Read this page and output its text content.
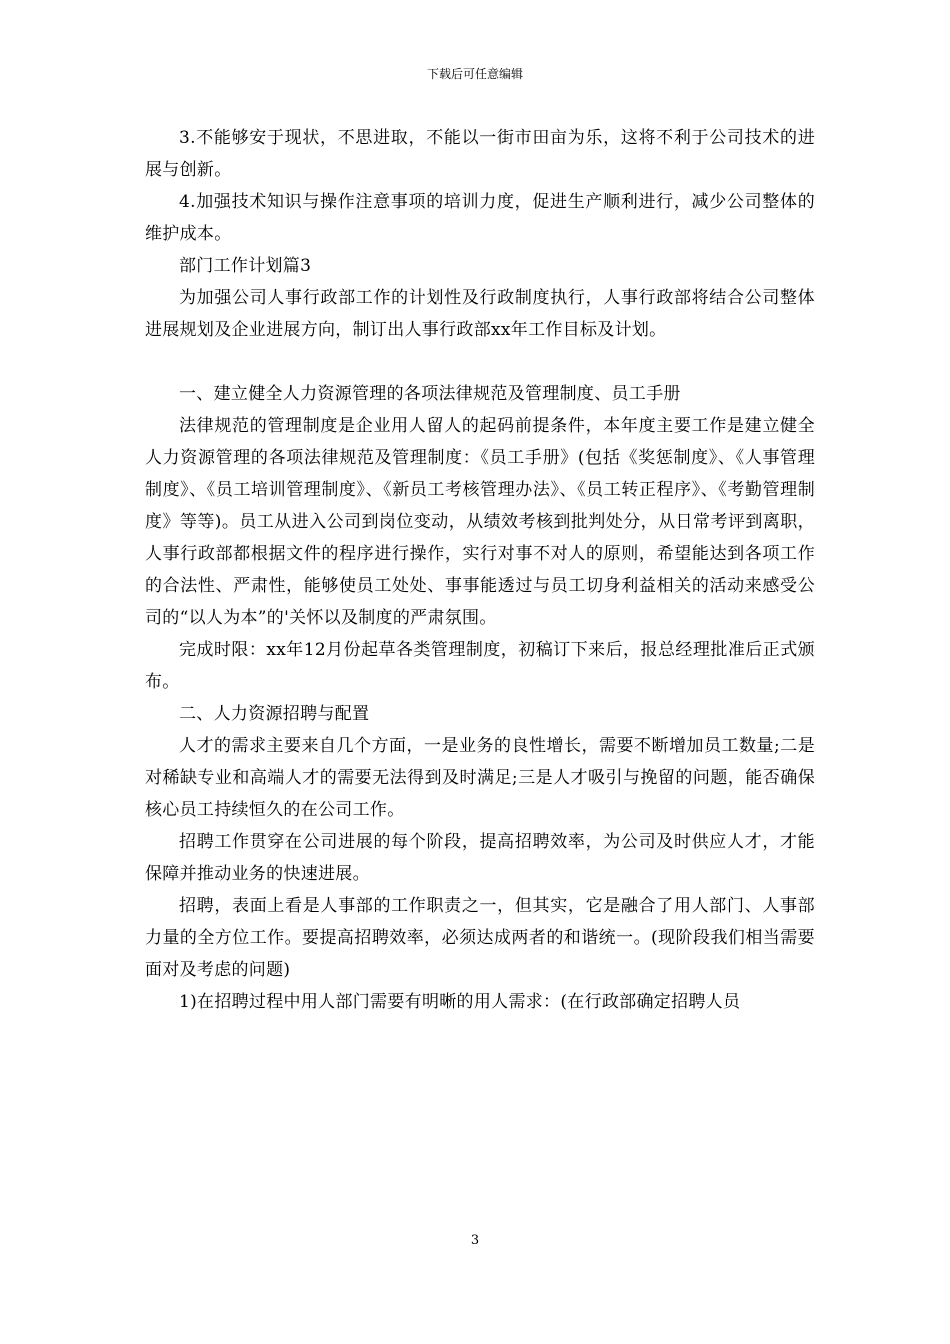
下载后可任意编辑

3.不能够安于现状，不思进取，不能以一街市田亩为乐，这将不利于公司技术的进展与创新。

4.加强技术知识与操作注意事项的培训力度，促进生产顺利进行，减少公司整体的维护成本。

部门工作计划篇3

为加强公司人事行政部工作的计划性及行政制度执行，人事行政部将结合公司整体进展规划及企业进展方向，制订出人事行政部xx年工作目标及计划。

一、建立健全人力资源管理的各项法律规范及管理制度、员工手册

法律规范的管理制度是企业用人留人的起码前提条件，本年度主要工作是建立健全人力资源管理的各项法律规范及管理制度：《员工手册》(包括《奖惩制度》、《人事管理制度》、《员工培训管理制度》、《新员工考核管理办法》、《员工转正程序》、《考勤管理制度》等等)。员工从进入公司到岗位变动，从绩效考核到批判处分，从日常考评到离职，人事行政部都根据文件的程序进行操作，实行对事不对人的原则，希望能达到各项工作的合法性、严肃性，能够使员工处处、事事能透过与员工切身利益相关的活动来感受公司的“以人为本”的'关怀以及制度的严肃氛围。

完成时限：xx年12月份起草各类管理制度，初稿订下来后，报总经理批准后正式颁布。

二、人力资源招聘与配置

人才的需求主要来自几个方面，一是业务的良性增长，需要不断增加员工数量;二是对稀缺专业和高端人才的需要无法得到及时满足;三是人才吸引与挽留的问题，能否确保核心员工持续恒久的在公司工作。

招聘工作贯穿在公司进展的每个阶段，提高招聘效率，为公司及时供应人才，才能保障并推动业务的快速进展。

招聘，表面上看是人事部的工作职责之一，但其实，它是融合了用人部门、人事部力量的全方位工作。要提高招聘效率，必须达成两者的和谐统一。(现阶段我们相当需要面对及考虑的问题)

1)在招聘过程中用人部门需要有明晰的用人需求：(在行政部确定招聘人员

3
